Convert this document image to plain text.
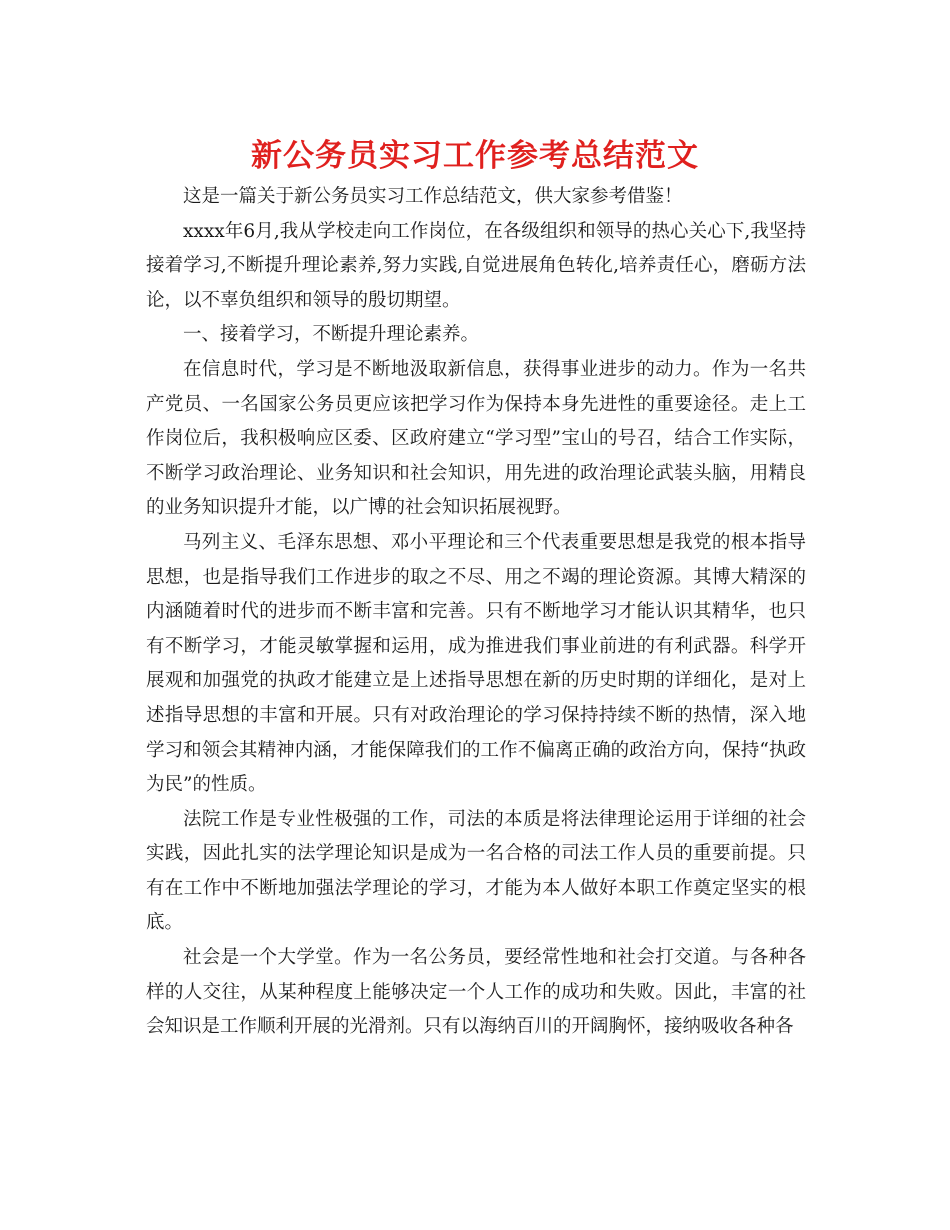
新公务员实习工作参考总结范文

这是一篇关于新公务员实习工作总结范文，供大家参考借鉴！

xxxx年6月,我从学校走向工作岗位，在各级组织和领导的热心关心下,我坚持接着学习,不断提升理论素养,努力实践,自觉进展角色转化,培养责任心，磨砺方法论，以不辜负组织和领导的殷切期望。

一、接着学习，不断提升理论素养。

在信息时代，学习是不断地汲取新信息，获得事业进步的动力。作为一名共产党员、一名国家公务员更应该把学习作为保持本身先进性的重要途径。走上工作岗位后，我积极响应区委、区政府建立“学习型”宝山的号召，结合工作实际，不断学习政治理论、业务知识和社会知识，用先进的政治理论武装头脑，用精良的业务知识提升才能，以广博的社会知识拓展视野。

马列主义、毛泽东思想、邓小平理论和三个代表重要思想是我党的根本指导思想，也是指导我们工作进步的取之不尽、用之不竭的理论资源。其博大精深的内涵随着时代的进步而不断丰富和完善。只有不断地学习才能认识其精华，也只有不断学习，才能灵敏掌握和运用，成为推进我们事业前进的有利武器。科学开展观和加强党的执政才能建立是上述指导思想在新的历史时期的详细化，是对上述指导思想的丰富和开展。只有对政治理论的学习保持持续不断的热情，深入地学习和领会其精神内涵，才能保障我们的工作不偏离正确的政治方向，保持“执政为民”的性质。

法院工作是专业性极强的工作，司法的本质是将法律理论运用于详细的社会实践，因此扎实的法学理论知识是成为一名合格的司法工作人员的重要前提。只有在工作中不断地加强法学理论的学习，才能为本人做好本职工作奠定坚实的根底。

社会是一个大学堂。作为一名公务员，要经常性地和社会打交道。与各种各样的人交往，从某种程度上能够决定一个人工作的成功和失败。因此，丰富的社会知识是工作顺利开展的光滑剂。只有以海纳百川的开阔胸怀，接纳吸收各种各
